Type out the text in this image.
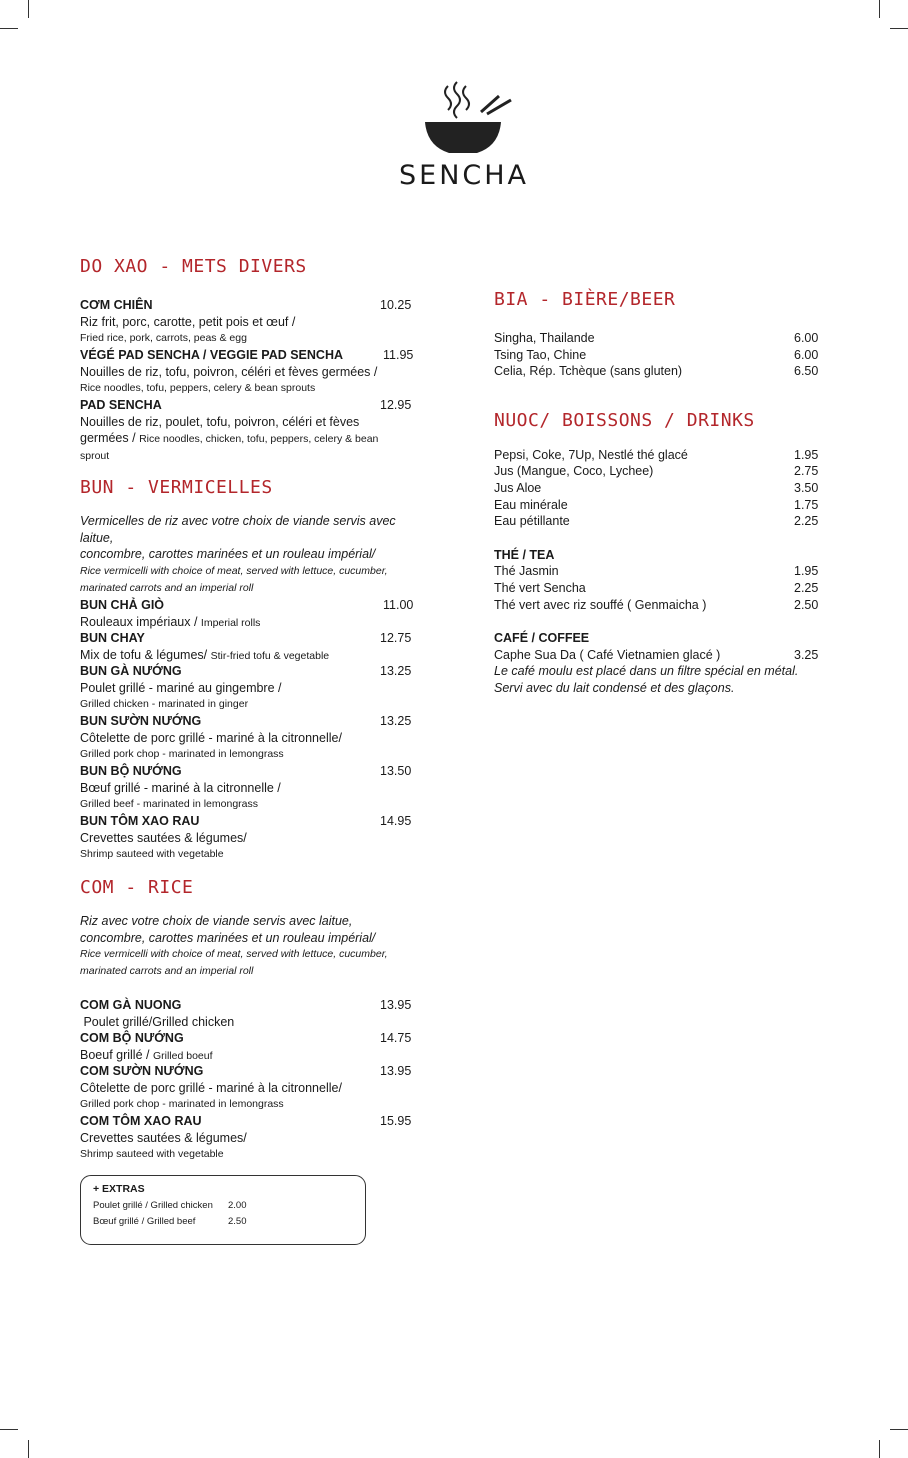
SENCHA
DO XAO - METS DIVERS
CƠM CHIÊN
Riz frit, porc, carotte, petit pois et œuf /
Fried rice, pork, carrots, peas & egg
10.25
VÉGÉ PAD SENCHA / VEGGIE PAD SENCHA
Nouilles de riz, tofu, poivron, céléri et fèves germées /
Rice noodles, tofu, peppers, celery & bean sprouts
11.95
PAD SENCHA
Nouilles de riz, poulet, tofu, poivron, céléri et fèves
germées / Rice noodles, chicken, tofu, peppers, celery & bean
sprout
12.95
BUN - VERMICELLES
Vermicelles de riz avec votre choix de viande servis avec laitue,
concombre, carottes marinées et un rouleau impérial/
Rice vermicelli with choice of meat, served with lettuce, cucumber,
marinated carrots and an imperial roll
BUN CHẢ GIÒ
Rouleaux impériaux / Imperial rolls
11.00
BUN CHAY
Mix de tofu & légumes/ Stir-fried tofu & vegetable
12.75
BUN GÀ NƯỚNG
Poulet grillé - mariné au gingembre /
Grilled chicken - marinated in ginger
13.25
BUN SƯỜN NƯỚNG
Côtelette de porc grillé - mariné à la citronnelle/
Grilled pork chop - marinated in lemongrass
13.25
BUN BỘ NƯỚNG
Bœuf grillé - mariné à la citronnelle /
Grilled beef - marinated in lemongrass
13.50
BUN TÔM XAO RAU
Crevettes sautées & légumes/
Shrimp sauteed with vegetable
14.95
COM - RICE
Riz avec votre choix de viande servis avec laitue,
concombre, carottes marinées et un rouleau impérial/
Rice vermicelli with choice of meat, served with lettuce, cucumber,
marinated carrots and an imperial roll
COM GÀ NUONG
Poulet grillé/Grilled chicken
13.95
COM BỘ NƯỚNG
Boeuf grillé / Grilled boeuf
14.75
COM SƯỜN NƯỚNG
Côtelette de porc grillé - mariné à la citronnelle/
Grilled pork chop - marinated in lemongrass
13.95
COM TÔM XAO RAU
Crevettes sautées & légumes/
Shrimp sauteed with vegetable
15.95
+ EXTRAS
Poulet grillé / Grilled chicken 2.00
Bœuf grillé / Grilled beef	2.50
BIA - BIÈRE/BEER
Singha, Thailande	6.00
Tsing Tao, Chine	6.00
Celia, Rép. Tchèque (sans gluten)	6.50
NUOC/ BOISSONS / DRINKS
Pepsi, Coke, 7Up, Nestlé thé glacé	1.95
Jus (Mangue, Coco, Lychee)	2.75
Jus Aloe	3.50
Eau minérale	1.75
Eau pétillante	2.25
THÉ / TEA
Thé Jasmin	1.95
Thé vert Sencha	2.25
Thé vert avec riz souffé ( Genmaicha )	2.50
CAFÉ / COFFEE
Caphe Sua Da ( Café Vietnamien glacé )	3.25
Le café moulu est placé dans un filtre spécial en métal.
Servi avec du lait condensé et des glaçons.
